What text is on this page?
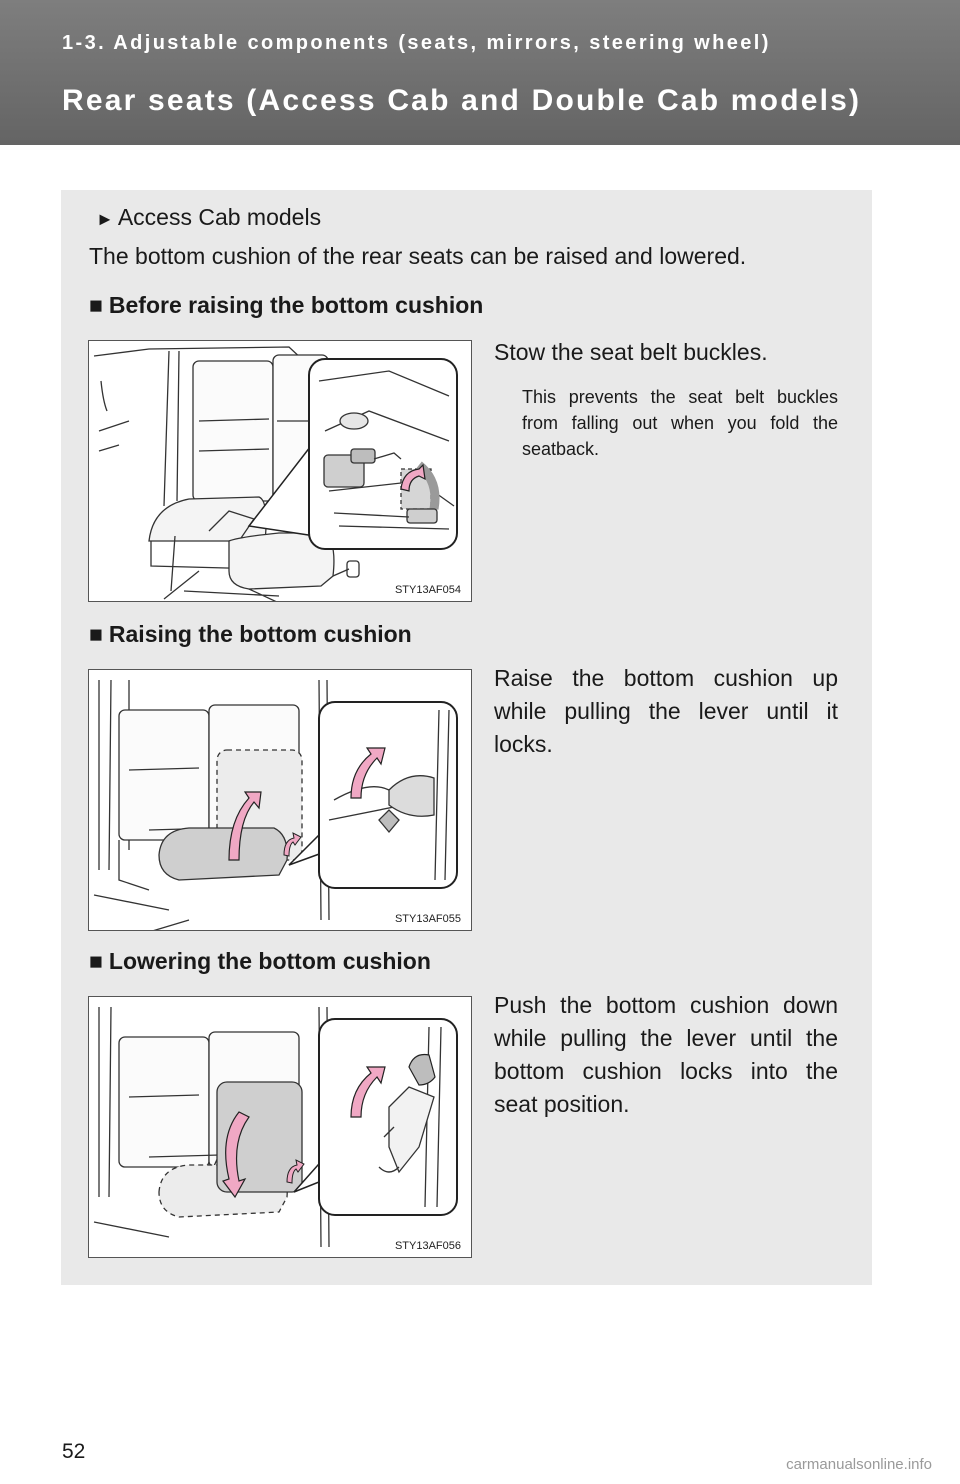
1-3. Adjustable components (seats, mirrors, steering wheel)
Rear seats (Access Cab and Double Cab models)
► Access Cab models
The bottom cushion of the rear seats can be raised and lowered.
■ Before raising the bottom cushion
STY13AF054
Stow the seat belt buckles.
This prevents the seat belt buckles from falling out when you fold the seatback.
■ Raising the bottom cushion
STY13AF055
Raise the bottom cushion up while pulling the lever until it locks.
■ Lowering the bottom cushion
STY13AF056
Push the bottom cushion down while pulling the lever until the bottom cushion locks into the seat position.
52
carmanualsonline.info
